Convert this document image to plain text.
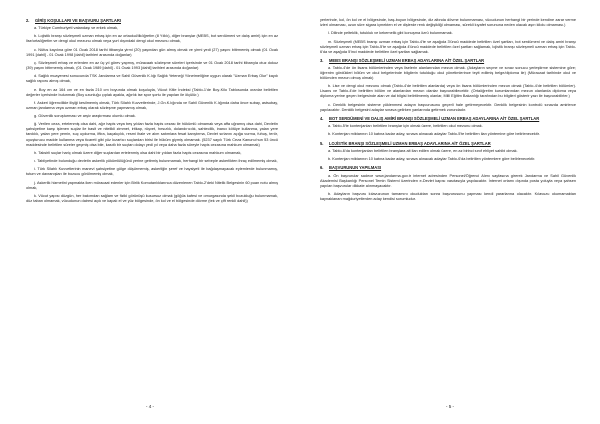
2. GİRİŞ KOŞULLARI VE BAŞVURU ŞARTLARI

a. Türkiye Cumhuriyeti vatandaşı ve erkek olmak,

b. Lojistik branşı sözleşmeli uzman erbaş için en az ortaokul/ilköğretim (8 Yıllık), diğer branşlar (MEBS, bot serdümeni ve dalış amiri) için en az lise/ortaöğretim ve dengi okul mezunu olmak veya yurt dışındaki dengi okul mezunu olmak,

c. Nüfus kaydına göre 01 Ocak 2018 tarihi itibarıyla yirmi (20) yaşından gün almış olmak ve yirmi yedi (27) yaşını bitirmemiş olmak (01 Ocak 1991 [dahil] - 01 Ocak 1998 [dahil] tarihleri arasında doğanlar)

ç. Sözleşmeli erbaş ve erlerden en az üç yıl görev yapmış, müracaatı sözleşme süreleri içerisinde ve 01 Ocak 2018 tarihi itibarıyla otuz dokuz (39) yaşını bitirmemiş olmak, (01 Ocak 1989 [dahil] - 01 Ocak 1993 [dahil] tarihleri arasında doğanlar)

d. Sağlık muayenesi sonucunda TSK Jandarma ve Sahil Güvenlik K.lığı Sağlık Yeteneği Yönetmeliğine uygun olarak "Uzman Erbaş Olur" kaydı sağlık raporu almış olmak,

e. Boy en az 164 cm ve en fazla 210 cm boyunda olmak koşuluyla, Vücut Kitle İndeksi (Tablo-1'de Boy-Kilo Tablosunda oranlar belirtilen değerler içerisinde bulunmak (Boy uzunluğu çıplak ayakla, ağırlık ise spor şortu ile yapılan ile ölçülür.)

f. Askeri öğrencilikle ilişiği kesilmemiş olmak, Türk Silahlı Kuvvetlerinde, J.Gn.K.lığında ve Sahil Güvenlik K.lığında daha önce subay, astsubay, uzman jandarma veya uzman erbaş olarak sözleşme yapmamış olmak,

g. Güvenlik soruşturması ve arşiv araştırması olumlu olmak.

ğ. Verilen ceza, ertelenmiş olsa dahi, ağır hapis veya beş yıldan fazla hapis cezası ile hükümlü olmamak veya affa uğramış olsa dahi, Devletin şahsiyetine karşı işlenen suçlar ile basit ve nitelikli zimmet, irtikap, rüşvet, hırsızlık, dolandırıcılık, sahtecilik, inancı kötüye kullanma, yalan yere tanıklık, yalan yere yemin, suç uydurma, iftira, kaçakçılık, resmi ihale ve alım satımlara fesat karıştırma, Devlet sırlarını açığa vurma, fuhuş, terör, uyuşturucu madde kullanma veya ticareti gibi yüz kızartıcı suçlardan birisi ile hüküm giymiş olmamak. (5237 sayılı Türk Ceza Kanunu'nun 53 üncü maddesinde belirtilen süreler geçmiş olsa bile, kasıtlı bir suçtan dolayı yedi yıl veya daha fazla süreyle hapis cezasına mahkum olmamak)

h. Taksirli suçlar hariç olmak üzere diğer suçlardan ertelenmiş olsa dahi bir yıldan fazla hapis cezasına mahkum olmamak,

ı. Tabiiyetinde bulunduğu devletin askerlik yükümlülüğünü yerine getirmiş bulunmamak, herhangi bir sebeple askerlikten ihraç edilmemiş olmak,

i. Türk Silahlı Kuvvetlerinin manevi şahsiyetine gölge düşürmemiş, askerliğin şeref ve haysiyeti ile bağdaşmayacak eylemlerde bulunmamış, tutum ve davranışları ile bozucu görülmemiş olmak,

j. Askerlik hizmetini yapmakta iken müracaat edenler için Birlik Komutanlıklarınca düzenlenen Tablo-2'deki Nitelik Belgesinin 60 puan notu almış olmak,

k. Vücut yapısı düzgün, her bakımdan sağlam ve fiziki görünüşü kusursuz olmak (göğüs kafesi ve omurgasında şekil bozukluğu bulunmamak, düz taban olmamak, vücudunun dairesi açık ve kapalı el ve yüz bölgesinde, ön kol ve el bölgesinde dövme (tek ve çift renkli dahil))

- 4 -

yerlerinde, kol, ön kol ve el bölgesinde, baş-boyun bölgesinde, diz altında dövme bulunmaması, vücudunun herhangi bir yerinde kendine zarar verme izleri olmaması, uzun süre sigara içmekten el ve dişlerde renk değişikliği olmaması, sürekli kıyafet sorununa neden olacak aşırı kilolu olmaması.)

l. Dilinde pelteklik, tutukluk ve kekemelik gibi konuşma özrü bulunmamak.

m. Sözleşmeli (MEBS branşı uzman erbaş için Tablo-4'te ve aşağıda 3'üncü maddede belirtilen özel şartları, bot serdümeni ve dalış amiri branşı sözleşmeli uzman erbaş için Tablo-5'te ve aşağıda 4'üncü maddede belirtilen özel şartları sağlamak, lojistik branşı sözleşmeli uzman erbaş için Tablo-6'da ve aşağıda 5'inci maddede belirtilen özel şartları sağlamak.

3. MEBS BRANŞI SÖZLEŞMELİ UZMAN ERBAŞ ADAYLARINA AİT ÖZEL ŞARTLAR

a. Tablo-4'de ön lisans bölümlerinden veya liselerin alanlarından mezun olmak. (Adayların seçme ve sınav sonucu yerleştirme sistemine göre; öğrenim gördükleri bölüm ve okul belgelerinde bilgilerin tutulduğu okul yönetimlerince teyit edilmiş belge/diploma ile) (Müracaat tarihinde okul ve bölümden mezun olmuş olmak)

b. Lise ve dengi okul mezunu olmak (Tablo-4'de belirtilen alanlarda) veya ön lisans bölümlerinden mezun olmak (Tablo-4'de belirtilen bölümler). Lisans ve Tablo-4'de belirtilen bölüm ve alanlardan mezun olanlar başvurabilecektir. (Ortaöğretim kurumlarından mezun olanlarda diploma veya diploma yerine geçen belgesinde alan ve dal bilgisi belirtilmemiş olanlar, Milli Eğitim Bakanlığı tarafından bu bilgileri gösterir yazı ile başvurabilirler.)

c. Denklik belgesinin sisteme yüklenmesi adayın başvurusunu geçerli hale getirmeyecektir. Denklik belgesinin kontrolü sınavda amirlerce yapılacaktır. Denklik belgesini adaylar sınava gelirken yanlarında getirmek zorundadır.

4. BOT SERDÜMENİ VE DALIŞ AMİRİ BRANŞI SÖZLEŞMELİ UZMAN ERBAŞ ADAYLARINA AİT ÖZEL ŞARTLAR

a. Tablo-5'te kontenjanları belirtilen branşlar için olmak üzere, belirtilen okul mezunu olmak.

b. Kontenjan miktarının 10 katına kadar aday, sınava alınacak adaylar Tablo-5'te belirtilen ilan yöntemine göre belirlenecektir.

5. LOJİSTİK BRANŞI SÖZLEŞMELİ UZMAN ERBAŞ ADAYLARINA AİT ÖZEL ŞARTLAR

a. Tablo-6'da kontenjanları belirtilen branşlara ait ilan edilen olmak üzere, en az birinci sınıf ehliyet sahibi olmak.

b. Kontenjan miktarının 10 katına kadar aday, sınava alınacak adaylar Tablo-6'da belirtilen yöntemlere göre belirlenecektir.

6. BAŞVURUNUN YAPILMASI

a. Ön başvurular sadece www.jandarma.gov.tr internet adresinden Personel/Öğrenci Alımı sayfasına girerek Jandarma ve Sahil Güvenlik Akademisi Başkanlığı Personel Temin Sistemi üzerinden e-Devlet kapısı vasıtasıyla yapılacaktır. İnternet ortamı dışında posta yoluyla veya şahsen yapılan başvurular dikkate alınmayacaktır.

b. Adayların başvuru kılavuzunun tamamını okuduktan sonra başvurusunu yapması kendi yararlarına olacaktır. Kılavuzu okumamaktan kaynaklanan mağduriyetlerden aday kendisi sorumludur.

- 5 -
